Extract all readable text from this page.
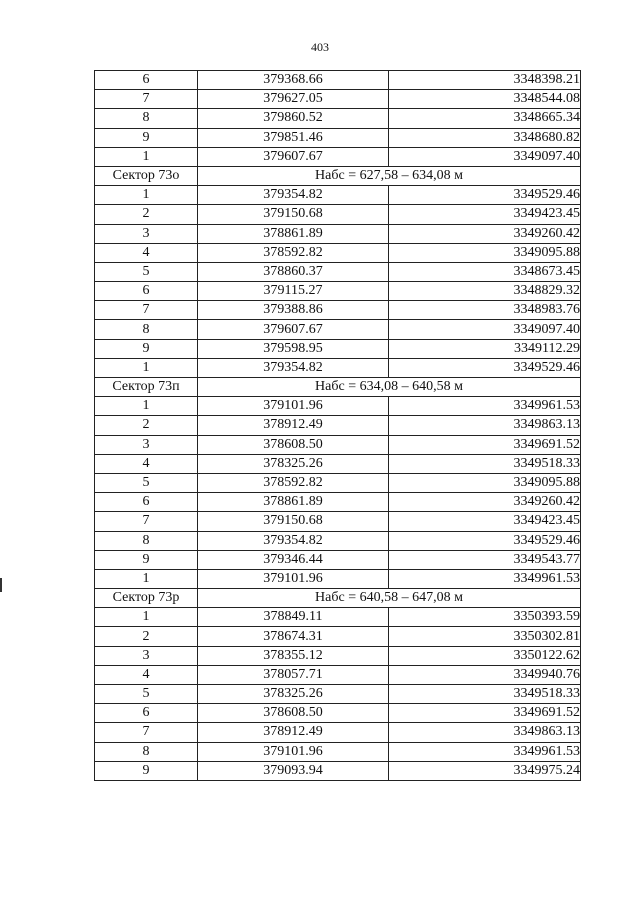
403
6	379368.66	3348398.21
7	379627.05	3348544.08
8	379860.52	3348665.34
9	379851.46	3348680.82
1	379607.67	3349097.40
Сектор 73о	Набс = 627,58 – 634,08 м	
1	379354.82	3349529.46
2	379150.68	3349423.45
3	378861.89	3349260.42
4	378592.82	3349095.88
5	378860.37	3348673.45
6	379115.27	3348829.32
7	379388.86	3348983.76
8	379607.67	3349097.40
9	379598.95	3349112.29
1	379354.82	3349529.46
Сектор 73п	Набс = 634,08 – 640,58 м	
1	379101.96	3349961.53
2	378912.49	3349863.13
3	378608.50	3349691.52
4	378325.26	3349518.33
5	378592.82	3349095.88
6	378861.89	3349260.42
7	379150.68	3349423.45
8	379354.82	3349529.46
9	379346.44	3349543.77
1	379101.96	3349961.53
Сектор 73р	Набс = 640,58 – 647,08 м	
1	378849.11	3350393.59
2	378674.31	3350302.81
3	378355.12	3350122.62
4	378057.71	3349940.76
5	378325.26	3349518.33
6	378608.50	3349691.52
7	378912.49	3349863.13
8	379101.96	3349961.53
9	379093.94	3349975.24
